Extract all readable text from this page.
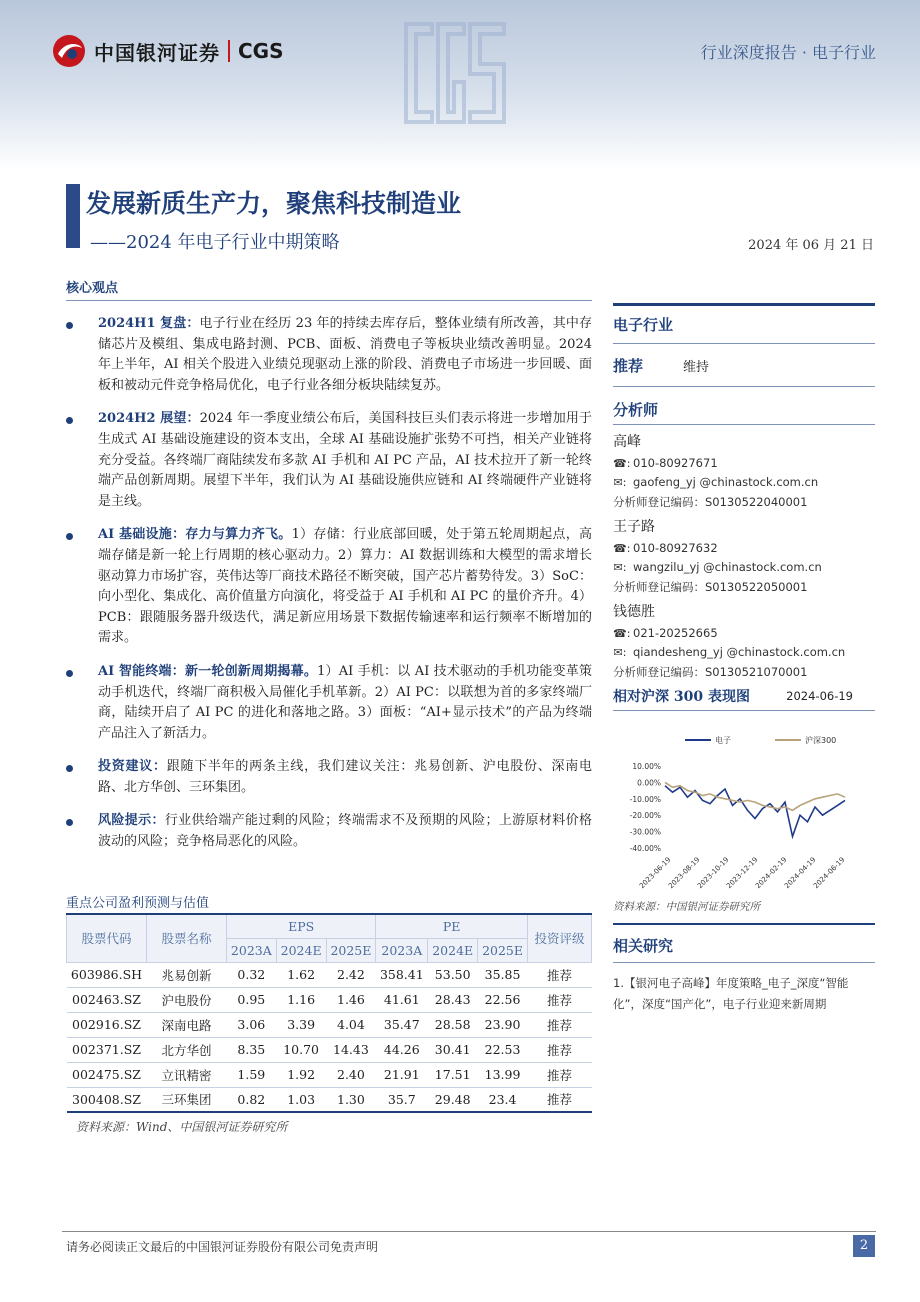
中国银河证券 CGS	行业深度报告 · 电子行业
发展新质生产力，聚焦科技制造业
——2024 年电子行业中期策略	2024 年 06 月 21 日
核心观点
2024H1 复盘：电子行业在经历 23 年的持续去库存后，整体业绩有所改善，其中存储芯片及模组、集成电路封测、PCB、面板、消费电子等板块业绩改善明显。2024 年上半年，AI 相关个股进入业绩兑现驱动上涨的阶段、消费电子市场进一步回暖、面板和被动元件竞争格局优化，电子行业各细分板块陆续复苏。
2024H2 展望：2024 年一季度业绩公布后，美国科技巨头们表示将进一步增加用于生成式 AI 基础设施建设的资本支出，全球 AI 基础设施扩张势不可挡，相关产业链将充分受益。各终端厂商陆续发布多款 AI 手机和 AI PC 产品，AI 技术拉开了新一轮终端产品创新周期。展望下半年，我们认为 AI 基础设施供应链和 AI 终端硬件产业链将是主线。
AI 基础设施：存力与算力齐飞。1）存储：行业底部回暖，处于第五轮周期起点，高端存储是新一轮上行周期的核心驱动力。2）算力：AI 数据训练和大模型的需求增长驱动算力市场扩容，英伟达等厂商技术路径不断突破，国产芯片蓄势待发。3）SoC：向小型化、集成化、高价值量方向演化，将受益于 AI 手机和 AI PC 的量价齐升。4）PCB：跟随服务器升级迭代，满足新应用场景下数据传输速率和运行频率不断增加的需求。
AI 智能终端：新一轮创新周期揭幕。1）AI 手机：以 AI 技术驱动的手机功能变革策动手机迭代，终端厂商积极入局催化手机革新。2）AI PC：以联想为首的多家终端厂商，陆续开启了 AI PC 的进化和落地之路。3）面板：“AI+显示技术”的产品为终端产品注入了新活力。
投资建议：跟随下半年的两条主线，我们建议关注：兆易创新、沪电股份、深南电路、北方华创、三环集团。
风险提示：行业供给端产能过剩的风险；终端需求不及预期的风险；上游原材料价格波动的风险；竞争格局恶化的风险。
重点公司盈利预测与估值
股票代码	股票名称	EPS			PE			投资评级
		2023A	2024E	2025E	2023A	2024E	2025E	
603986.SH	兆易创新	0.32	1.62	2.42	358.41	53.50	35.85	推荐
002463.SZ	沪电股份	0.95	1.16	1.46	41.61	28.43	22.56	推荐
002916.SZ	深南电路	3.06	3.39	4.04	35.47	28.58	23.90	推荐
002371.SZ	北方华创	8.35	10.70	14.43	44.26	30.41	22.53	推荐
002475.SZ	立讯精密	1.59	1.92	2.40	21.91	17.51	13.99	推荐
300408.SZ	三环集团	0.82	1.03	1.30	35.7	29.48	23.4	推荐
资料来源：Wind、中国银河证券研究所
电子行业
推荐	维持
分析师
高峰
☎: 010-80927671
✉: gaofeng_yj @chinastock.com.cn
分析师登记编码：S0130522040001
王子路
☎: 010-80927632
✉: wangzilu_yj @chinastock.com.cn
分析师登记编码：S0130522050001
钱德胜
☎: 021-20252665
✉: qiandesheng_yj @chinastock.com.cn
分析师登记编码：S0130521070001
相对沪深 300 表现图	2024-06-19
电子	沪深300
10.00%
0.00%
-10.00%
-20.00%
-30.00%
-40.00%
2023-06-19
2023-08-19
2023-10-19
2023-12-19
2024-02-19
2024-04-19
2024-06-19
资料来源：中国银河证券研究所
相关研究
1.【银河电子高峰】年度策略_电子_深度“智能化”，深度“国产化”，电子行业迎来新周期
请务必阅读正文最后的中国银河证券股份有限公司免责声明	2
